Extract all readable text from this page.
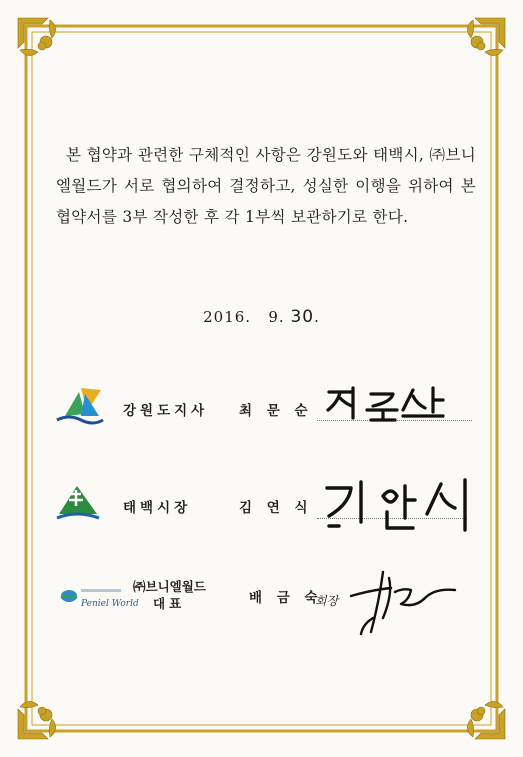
본 협약과 관련한 구체적인 사항은 강원도와 태백시, ㈜브니엘월드가 서로 협의하여 결정하고, 성실한 이행을 위하여 본 협약서를 3부 작성한 후 각 1부씩 보관하기로 한다.

2016.   9. 30.
강원도지사 최 문 순
태백시장	김 연 식
Peniel World
㈜브니엘월드
대표	배 금 숙
회장
